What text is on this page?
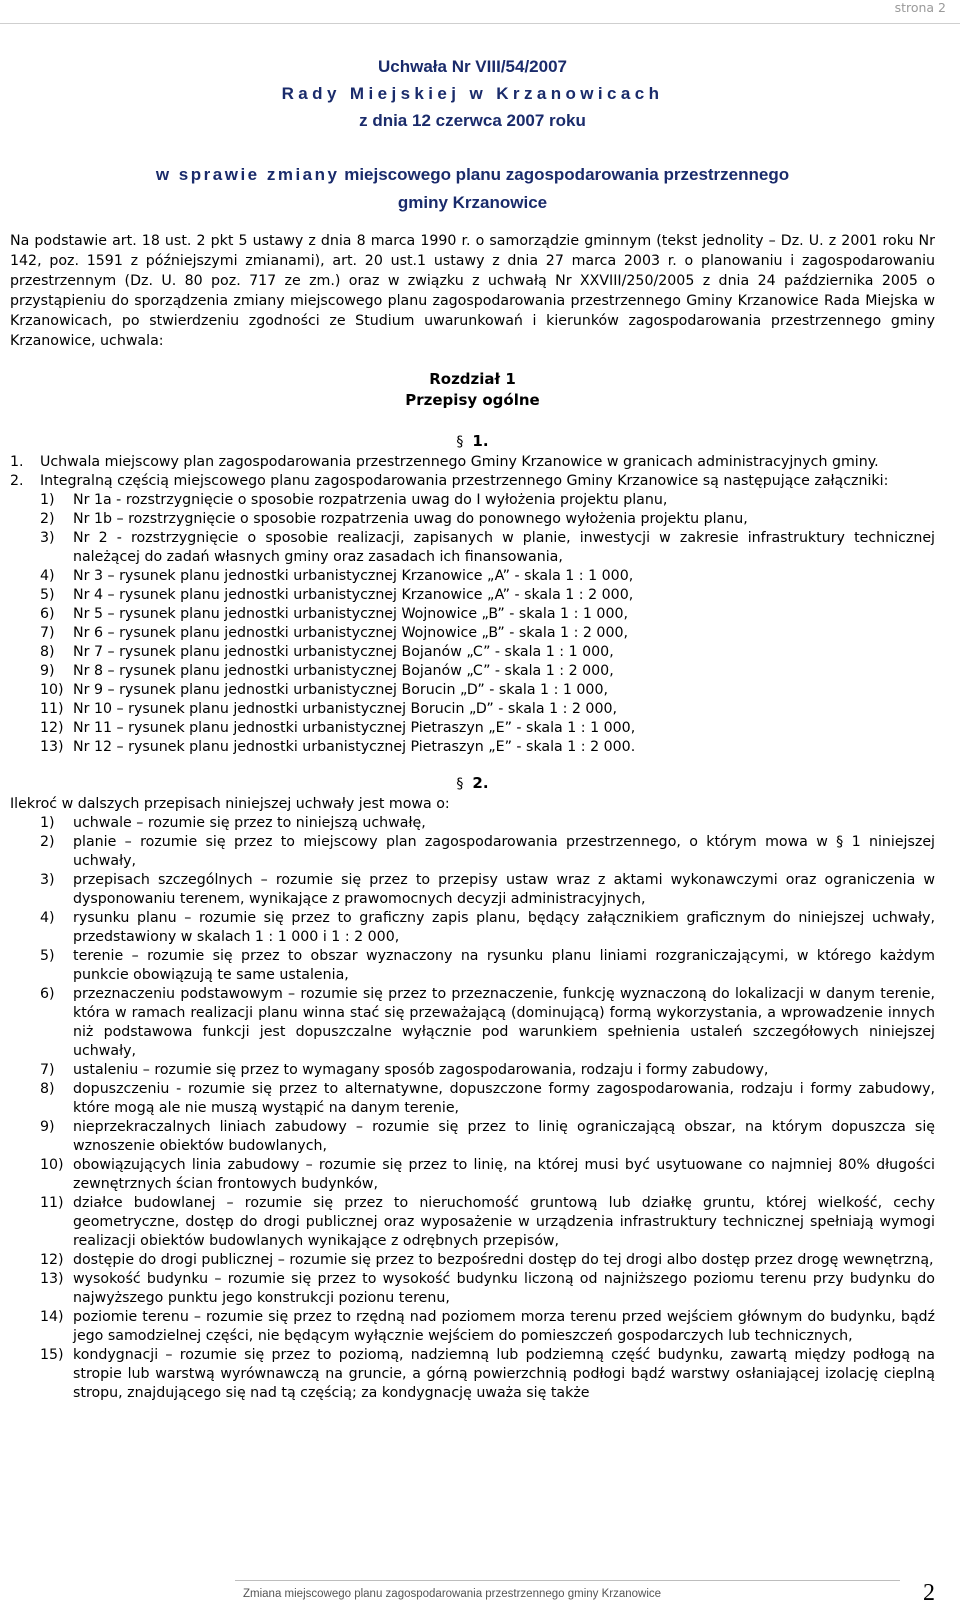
strona 2
Uchwała Nr VIII/54/2007
Rady Miejskiej w Krzanowicach
z dnia 12 czerwca 2007 roku
w sprawie zmiany miejscowego planu zagospodarowania przestrzennego
gminy Krzanowice

Na podstawie art. 18 ust. 2 pkt 5 ustawy z dnia 8 marca 1990 r. o samorządzie gminnym (tekst jednolity – Dz. U. z 2001 roku Nr 142, poz. 1591 z późniejszymi zmianami), art. 20 ust.1 ustawy z dnia 27 marca 2003 r. o planowaniu i zagospodarowaniu przestrzennym (Dz. U. 80 poz. 717 ze zm.) oraz w związku z uchwałą Nr XXVIII/250/2005 z dnia 24 października 2005 o przystąpieniu do sporządzenia zmiany miejscowego planu zagospodarowania przestrzennego Gminy Krzanowice Rada Miejska w Krzanowicach, po stwierdzeniu zgodności ze Studium uwarunkowań i kierunków zagospodarowania przestrzennego gminy Krzanowice, uchwala:

Rozdział 1
Przepisy ogólne
§ 1.
1.	Uchwala miejscowy plan zagospodarowania przestrzennego Gminy Krzanowice w granicach administracyjnych gminy.
2.	Integralną częścią miejscowego planu zagospodarowania przestrzennego Gminy Krzanowice są następujące załączniki:
1)	Nr 1a - rozstrzygnięcie o sposobie rozpatrzenia uwag do I wyłożenia projektu planu,
2)	Nr 1b – rozstrzygnięcie o sposobie rozpatrzenia uwag do ponownego wyłożenia projektu planu,
3)	Nr 2 - rozstrzygnięcie o sposobie realizacji, zapisanych w planie, inwestycji w zakresie infrastruktury technicznej należącej do zadań własnych gminy oraz zasadach ich finansowania,
4)	Nr 3 – rysunek planu jednostki urbanistycznej Krzanowice „A” - skala 1 : 1 000,
5)	Nr 4 – rysunek planu jednostki urbanistycznej Krzanowice „A” - skala 1 : 2 000,
6)	Nr 5 – rysunek planu jednostki urbanistycznej Wojnowice „B” - skala 1 : 1 000,
7)	Nr 6 – rysunek planu jednostki urbanistycznej Wojnowice „B” - skala 1 : 2 000,
8)	Nr 7 – rysunek planu jednostki urbanistycznej Bojanów „C” - skala 1 : 1 000,
9)	Nr 8 – rysunek planu jednostki urbanistycznej Bojanów „C” - skala 1 : 2 000,
10) Nr 9 – rysunek planu jednostki urbanistycznej Borucin „D” - skala 1 : 1 000,
11) Nr 10 – rysunek planu jednostki urbanistycznej Borucin „D” - skala 1 : 2 000,
12) Nr 11 – rysunek planu jednostki urbanistycznej Pietraszyn „E” - skala 1 : 1 000,
13) Nr 12 – rysunek planu jednostki urbanistycznej Pietraszyn „E” - skala 1 : 2 000.
§ 2.

Ilekroć w dalszych przepisach niniejszej uchwały jest mowa o:

1)	uchwale – rozumie się przez to niniejszą uchwałę,
2)	planie – rozumie się przez to miejscowy plan zagospodarowania przestrzennego, o którym mowa w § 1 niniejszej uchwały,
3)	przepisach szczególnych – rozumie się przez to przepisy ustaw wraz z aktami wykonawczymi oraz ograniczenia w dysponowaniu terenem, wynikające z prawomocnych decyzji administracyjnych,
4)	rysunku planu – rozumie się przez to graficzny zapis planu, będący załącznikiem graficznym do niniejszej uchwały, przedstawiony w skalach 1 : 1 000 i 1 : 2 000,
5)	terenie – rozumie się przez to obszar wyznaczony na rysunku planu liniami rozgraniczającymi, w którego każdym punkcie obowiązują te same ustalenia,
6)	przeznaczeniu podstawowym – rozumie się przez to przeznaczenie, funkcję wyznaczoną do lokalizacji w danym terenie, która w ramach realizacji planu winna stać się przeważającą (dominującą) formą wykorzystania, a wprowadzenie innych niż podstawowa funkcji jest dopuszczalne wyłącznie pod warunkiem spełnienia ustaleń szczegółowych niniejszej uchwały,
7)	ustaleniu – rozumie się przez to wymagany sposób zagospodarowania, rodzaju i formy zabudowy,
8)	dopuszczeniu - rozumie się przez to alternatywne, dopuszczone formy zagospodarowania, rodzaju i formy zabudowy, które mogą ale nie muszą wystąpić na danym terenie,
9)	nieprzekraczalnych liniach zabudowy – rozumie się przez to linię ograniczającą obszar, na którym dopuszcza się wznoszenie obiektów budowlanych,
10) obowiązujących linia zabudowy – rozumie się przez to linię, na której musi być usytuowane co najmniej 80% długości zewnętrznych ścian frontowych budynków,
11) działce budowlanej – rozumie się przez to nieruchomość gruntową lub działkę gruntu, której wielkość, cechy geometryczne, dostęp do drogi publicznej oraz wyposażenie w urządzenia infrastruktury technicznej spełniają wymogi realizacji obiektów budowlanych wynikające z odrębnych przepisów,
12) dostępie do drogi publicznej – rozumie się przez to bezpośredni dostęp do tej drogi albo dostęp przez drogę wewnętrzną,
13) wysokość budynku – rozumie się przez to wysokość budynku liczoną od najniższego poziomu terenu przy budynku do najwyższego punktu jego konstrukcji pozionu terenu,
14) poziomie terenu – rozumie się przez to rzędną nad poziomem morza terenu przed wejściem głównym do budynku, bądź jego samodzielnej części, nie będącym wyłącznie wejściem do pomieszczeń gospodarczych lub technicznych,
15) kondygnacji – rozumie się przez to poziomą, nadziemną lub podziemną część budynku, zawartą między podłogą na stropie lub warstwą wyrównawczą na gruncie, a górną powierzchnią podłogi bądź warstwy osłaniającej izolację cieplną stropu, znajdującego się nad tą częścią; za kondygnację uważa się także
Zmiana miejscowego planu zagospodarowania przestrzennego gminy Krzanowice	2
